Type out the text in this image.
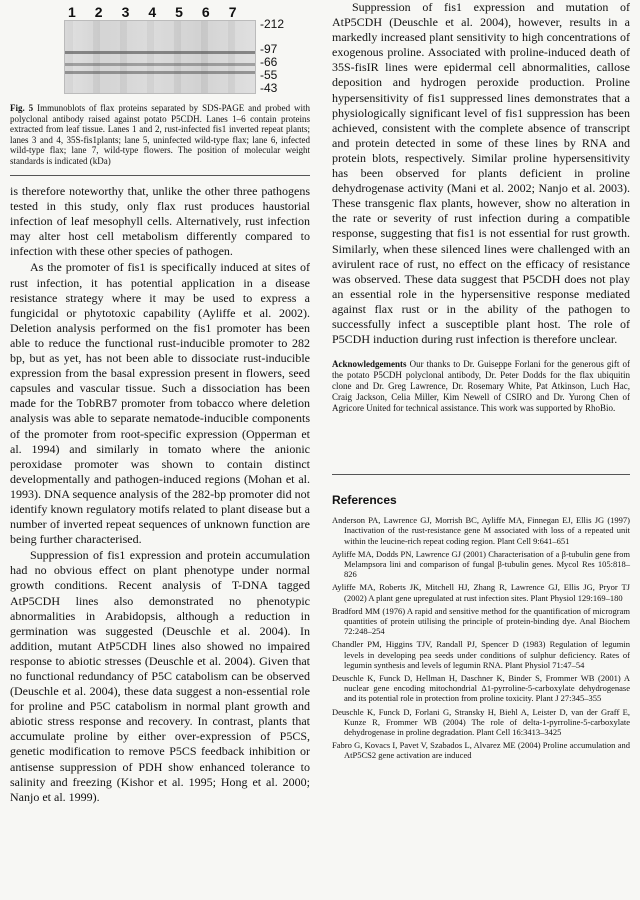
1234567
-212
-97
-66
-55
-43
Fig. 5 Immunoblots of flax proteins separated by SDS-PAGE and probed with polyclonal antibody raised against potato P5CDH. Lanes 1–6 contain proteins extracted from leaf tissue. Lanes 1 and 2, rust-infected fis1 inverted repeat plants; lanes 3 and 4, 35S-fis1plants; lane 5, uninfected wild-type flax; lane 6, infected wild-type flax; lane 7, wild-type flowers. The position of molecular weight standards is indicated (kDa)

is therefore noteworthy that, unlike the other three pathogens tested in this study, only flax rust produces haustorial infection of leaf mesophyll cells. Alternatively, rust infection may alter host cell metabolism differently compared to infection with these other species of pathogen.

As the promoter of fis1 is specifically induced at sites of rust infection, it has potential application in a disease resistance strategy where it may be used to express a fungicidal or phytotoxic capability (Ayliffe et al. 2002). Deletion analysis performed on the fis1 promoter has been able to reduce the functional rust-inducible promoter to 282 bp, but as yet, has not been able to dissociate rust-inducible expression from the basal expression present in flowers, seed capsules and vascular tissue. Such a dissociation has been made for the TobRB7 promoter from tobacco where deletion analysis was able to separate nematode-inducible components of the promoter from root-specific expression (Opperman et al. 1994) and similarly in tomato where the anionic peroxidase promoter was shown to contain distinct developmentally and pathogen-induced regions (Mohan et al. 1993). DNA sequence analysis of the 282-bp promoter did not identify known regulatory motifs related to plant disease but a number of inverted repeat sequences of unknown function are being further characterised.

Suppression of fis1 expression and protein accumulation had no obvious effect on plant phenotype under normal growth conditions. Recent analysis of T-DNA tagged AtP5CDH lines also demonstrated no phenotypic abnormalities in Arabidopsis, although a reduction in germination was suggested (Deuschle et al. 2004). In addition, mutant AtP5CDH lines also showed no impaired response to abiotic stresses (Deuschle et al. 2004). Given that no functional redundancy of P5C catabolism can be observed (Deuschle et al. 2004), these data suggest a non-essential role for proline and P5C catabolism in normal plant growth and abiotic stress response and recovery. In contrast, plants that accumulate proline by either over-expression of P5CS, genetic modification to remove P5CS feedback inhibition or antisense suppression of PDH show enhanced tolerance to salinity and freezing (Kishor et al. 1995; Hong et al. 2000; Nanjo et al. 1999).

Suppression of fis1 expression and mutation of AtP5CDH (Deuschle et al. 2004), however, results in a markedly increased plant sensitivity to high concentrations of exogenous proline. Associated with proline-induced death of 35S-fisIR lines were epidermal cell abnormalities, callose deposition and hydrogen peroxide production. Proline hypersensitivity of fis1 suppressed lines demonstrates that a physiologically significant level of fis1 suppression has been achieved, consistent with the complete absence of transcript and protein detected in some of these lines by RNA and protein blots, respectively. Similar proline hypersensitivity has been observed for plants deficient in proline dehydrogenase activity (Mani et al. 2002; Nanjo et al. 2003). These transgenic flax plants, however, show no alteration in the rate or severity of rust infection during a compatible response, suggesting that fis1 is not essential for rust growth. Similarly, when these silenced lines were challenged with an avirulent race of rust, no effect on the efficacy of resistance was observed. These data suggest that P5CDH does not play an essential role in the hypersensitive response mediated against flax rust or in the ability of the pathogen to successfully infect a susceptible plant host. The role of P5CDH induction during rust infection is therefore unclear.

Acknowledgements Our thanks to Dr. Guiseppe Forlani for the generous gift of the potato P5CDH polyclonal antibody, Dr. Peter Dodds for the flax ubiquitin clone and Dr. Greg Lawrence, Dr. Rosemary White, Pat Atkinson, Luch Hac, Craig Jackson, Celia Miller, Kim Newell of CSIRO and Dr. Yurong Chen of Agricore United for technical assistance. This work was supported by RhoBio.
References
Anderson PA, Lawrence GJ, Morrish BC, Ayliffe MA, Finnegan EJ, Ellis JG (1997) Inactivation of the rust-resistance gene M associated with loss of a repeated unit within the leucine-rich repeat coding region. Plant Cell 9:641–651
Ayliffe MA, Dodds PN, Lawrence GJ (2001) Characterisation of a β-tubulin gene from Melampsora lini and comparison of fungal β-tubulin genes. Mycol Res 105:818–826
Ayliffe MA, Roberts JK, Mitchell HJ, Zhang R, Lawrence GJ, Ellis JG, Pryor TJ (2002) A plant gene upregulated at rust infection sites. Plant Physiol 129:169–180
Bradford MM (1976) A rapid and sensitive method for the quantification of microgram quantities of protein utilising the principle of protein-binding dye. Anal Biochem 72:248–254
Chandler PM, Higgins TJV, Randall PJ, Spencer D (1983) Regulation of legumin levels in developing pea seeds under conditions of sulphur deficiency. Rates of legumin synthesis and levels of legumin RNA. Plant Physiol 71:47–54
Deuschle K, Funck D, Hellman H, Daschner K, Binder S, Frommer WB (2001) A nuclear gene encoding mitochondrial Δ1-pyrroline-5-carboxylate dehydrogenase and its potential role in protection from proline toxicity. Plant J 27:345–355
Deuschle K, Funck D, Forlani G, Stransky H, Biehl A, Leister D, van der Graff E, Kunze R, Frommer WB (2004) The role of delta-1-pyrroline-5-carboxylate dehydrogenase in proline degradation. Plant Cell 16:3413–3425
Fabro G, Kovacs I, Pavet V, Szabados L, Alvarez ME (2004) Proline accumulation and AtP5CS2 gene activation are induced
